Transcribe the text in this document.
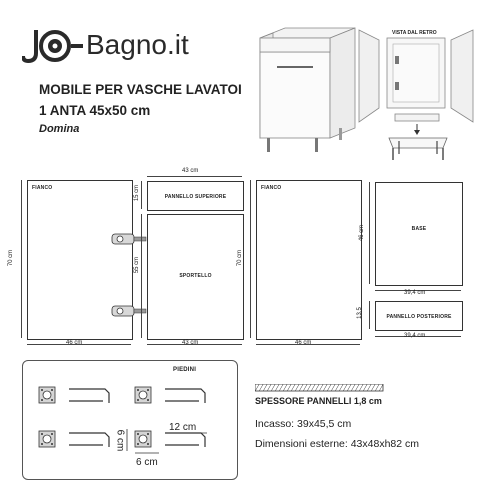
Bagno.it
MOBILE PER VASCHE LAVATOI
1 ANTA 45x50 cm
Domina
VISTA DAL RETRO
FIANCO
70 cm
46 cm
43 cm
PANNELLO SUPERIORE
15 cm
SPORTELLO
55 cm
43 cm
FIANCO
70 cm
46 cm
BASE
46 cm
39,4 cm
PANNELLO POSTERIORE
13,5
39,4 cm
PIEDINI
12 cm
6 cm
6 cm
SPESSORE PANNELLI 1,8 cm
Incasso: 39x45,5 cm
Dimensioni esterne: 43x48xh82 cm
